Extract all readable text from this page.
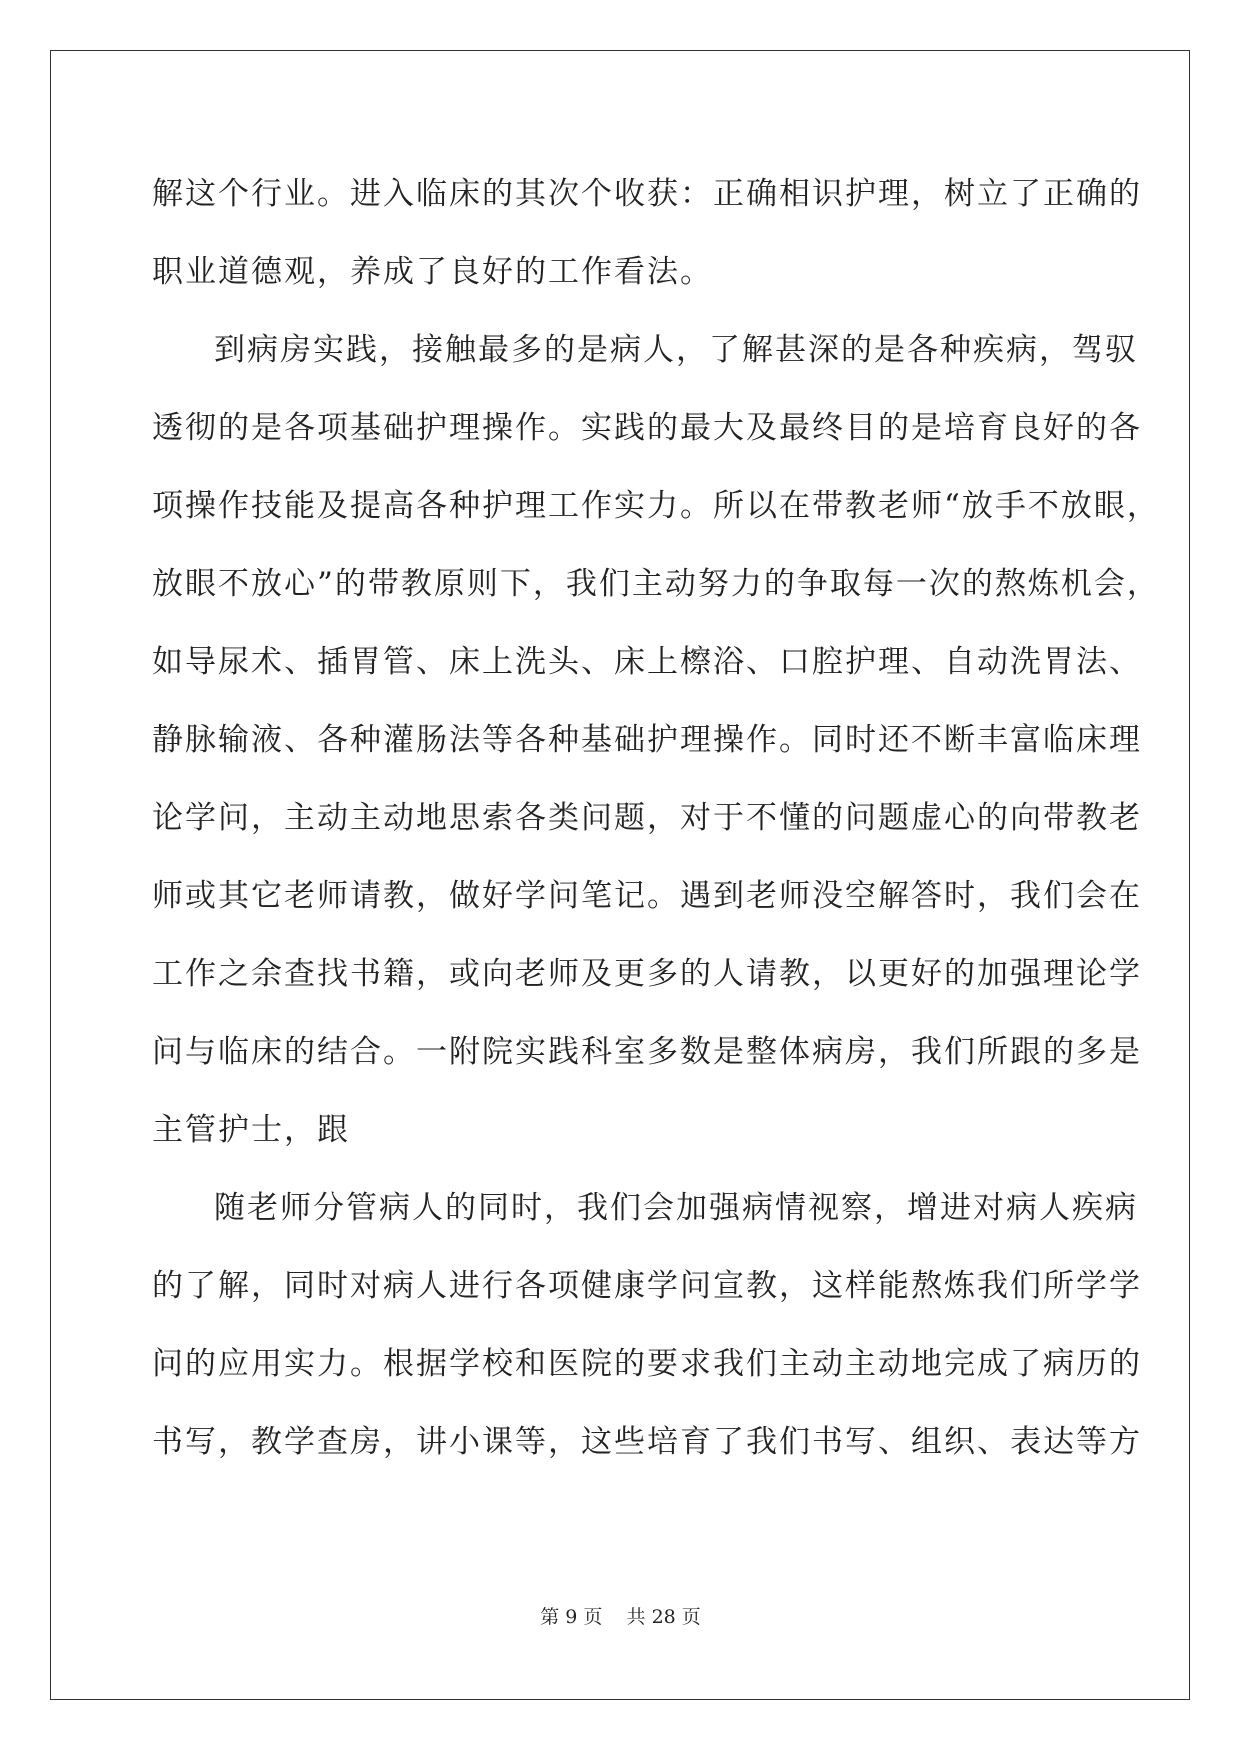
解这个行业。进入临床的其次个收获：正确相识护理，树立了正确的

职业道德观，养成了良好的工作看法。

到病房实践，接触最多的是病人，了解甚深的是各种疾病，驾驭

透彻的是各项基础护理操作。实践的最大及最终目的是培育良好的各

项操作技能及提高各种护理工作实力。所以在带教老师“放手不放眼，

放眼不放心”的带教原则下，我们主动努力的争取每一次的熬炼机会，

如导尿术、插胃管、床上洗头、床上檫浴、口腔护理、自动洗胃法、

静脉输液、各种灌肠法等各种基础护理操作。同时还不断丰富临床理

论学问，主动主动地思索各类问题，对于不懂的问题虚心的向带教老

师或其它老师请教，做好学问笔记。遇到老师没空解答时，我们会在

工作之余查找书籍，或向老师及更多的人请教，以更好的加强理论学

问与临床的结合。一附院实践科室多数是整体病房，我们所跟的多是

主管护士，跟

随老师分管病人的同时，我们会加强病情视察，增进对病人疾病

的了解，同时对病人进行各项健康学问宣教，这样能熬炼我们所学学

问的应用实力。根据学校和医院的要求我们主动主动地完成了病历的

书写，教学查房，讲小课等，这些培育了我们书写、组织、表达等方

第 9 页    共 28 页
